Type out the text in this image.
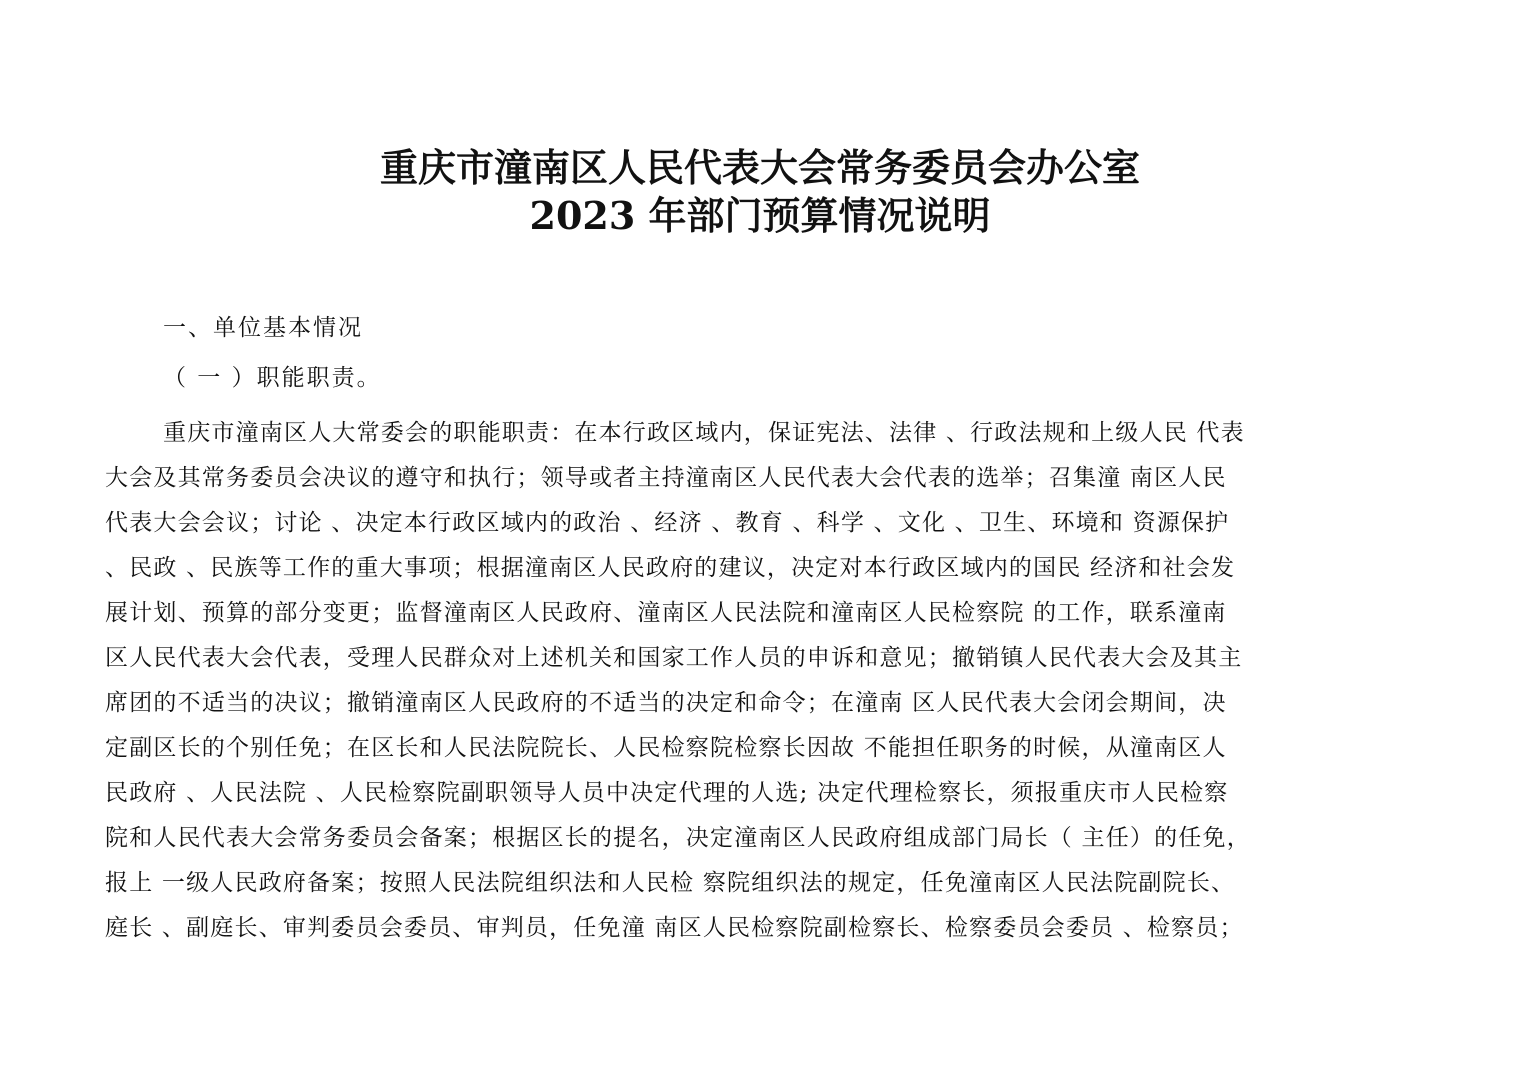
重庆市潼南区人民代表大会常务委员会办公室
2023 年部门预算情况说明
一、单位基本情况
（ 一 ）职能职责。
重庆市潼南区人大常委会的职能职责：在本行政区域内，保证宪法、法律 、行政法规和上级人民 代表
大会及其常务委员会决议的遵守和执行；领导或者主持潼南区人民代表大会代表的选举；召集潼 南区人民
代表大会会议；讨论 、决定本行政区域内的政治 、经济 、教育 、科学 、文化 、卫生、环境和 资源保护
、民政 、民族等工作的重大事项；根据潼南区人民政府的建议，决定对本行政区域内的国民 经济和社会发
展计划、预算的部分变更；监督潼南区人民政府、潼南区人民法院和潼南区人民检察院 的工作，联系潼南
区人民代表大会代表，受理人民群众对上述机关和国家工作人员的申诉和意见；撤销镇人民代表大会及其主
席团的不适当的决议；撤销潼南区人民政府的不适当的决定和命令；在潼南 区人民代表大会闭会期间，决
定副区长的个别任免；在区长和人民法院院长、人民检察院检察长因故 不能担任职务的时候，从潼南区人
民政府 、人民法院 、人民检察院副职领导人员中决定代理的人选; 决定代理检察长，须报重庆市人民检察
院和人民代表大会常务委员会备案；根据区长的提名，决定潼南区人民政府组成部门局长（ 主任）的任免，
报上 一级人民政府备案；按照人民法院组织法和人民检 察院组织法的规定，任免潼南区人民法院副院长、
庭长 、副庭长、审判委员会委员、审判员，任免潼 南区人民检察院副检察长、检察委员会委员 、检察员；
